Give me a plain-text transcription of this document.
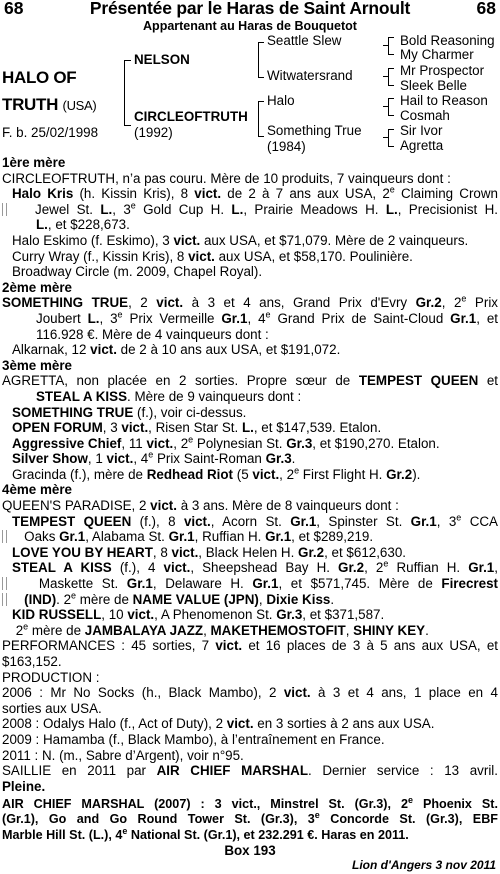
68	Présentée par le Haras de Saint Arnoult	68
Appartenant au Haras de Bouquetot
HALO OF
TRUTH (USA)
F. b. 25/02/1998
NELSON
CIRCLEOFTRUTH
(1992)
Seattle Slew
Witwatersrand
Halo
Something True
(1984)
Bold Reasoning
My Charmer
Mr Prospector
Sleek Belle
Hail to Reason
Cosmah
Sir Ivor
Agretta
1ère mère
CIRCLEOFTRUTH, n’a pas couru. Mère de 10 produits, 7 vainqueurs dont :
Halo Kris (h. Kissin Kris), 8 vict. de 2 à 7 ans aux USA, 2e Claiming Crown
Jewel St. L., 3e Gold Cup H. L., Prairie Meadows H. L., Precisionist H.
L., et $228,673.
Halo Eskimo (f. Eskimo), 3 vict. aux USA, et $71,079. Mère de 2 vainqueurs.
Curry Wray (f., Kissin Kris), 8 vict. aux USA, et $58,170. Poulinière.
Broadway Circle (m. 2009, Chapel Royal).
2ème mère
SOMETHING TRUE, 2 vict. à 3 et 4 ans, Grand Prix d'Evry Gr.2, 2e Prix
Joubert L., 3e Prix Vermeille Gr.1, 4e Grand Prix de Saint-Cloud Gr.1, et
116.928 €. Mère de 4 vainqueurs dont :
Alkarnak, 12 vict. de 2 à 10 ans aux USA, et $191,072.
3ème mère
AGRETTA, non placée en 2 sorties. Propre sœur de TEMPEST QUEEN et
STEAL A KISS. Mère de 9 vainqueurs dont :
SOMETHING TRUE (f.), voir ci-dessus.
OPEN FORUM, 3 vict., Risen Star St. L., et $147,539. Etalon.
Aggressive Chief, 11 vict., 2e Polynesian St. Gr.3, et $190,270. Etalon.
Silver Show, 1 vict., 4e Prix Saint-Roman Gr.3.
Gracinda (f.), mère de Redhead Riot (5 vict., 2e First Flight H. Gr.2).
4ème mère
QUEEN'S PARADISE, 2 vict. à 3 ans. Mère de 8 vainqueurs dont :
TEMPEST QUEEN (f.), 8 vict., Acorn St. Gr.1, Spinster St. Gr.1, 3e CCA
Oaks Gr.1, Alabama St. Gr.1, Ruffian H. Gr.1, et $289,219.
LOVE YOU BY HEART, 8 vict., Black Helen H. Gr.2, et $612,630.
STEAL A KISS (f.), 4 vict., Sheepshead Bay H. Gr.2, 2e Ruffian H. Gr.1,
Maskette St. Gr.1, Delaware H. Gr.1, et $571,745. Mère de Firecrest
(IND). 2e mère de NAME VALUE (JPN), Dixie Kiss.
KID RUSSELL, 10 vict., A Phenomenon St. Gr.3, et $371,587.
2e mère de JAMBALAYA JAZZ, MAKETHEMOSTOFIT, SHINY KEY.
PERFORMANCES : 45 sorties, 7 vict. et 16 places de 3 à 5 ans aux USA, et
$163,152.
PRODUCTION :
2006 : Mr No Socks (h., Black Mambo), 2 vict. à 3 et 4 ans, 1 place en 4
sorties aux USA.
2008 : Odalys Halo (f., Act of Duty), 2 vict. en 3 sorties à 2 ans aux USA.
2009 : Hamamba (f., Black Mambo), à l’entraînement en France.
2011 : N. (m., Sabre d’Argent), voir n°95.
SAILLIE en 2011 par AIR CHIEF MARSHAL. Dernier service : 13 avril.
Pleine.
AIR CHIEF MARSHAL (2007) : 3 vict., Minstrel St. (Gr.3), 2e Phoenix St.
(Gr.1), Go and Go Round Tower St. (Gr.3), 3e Concorde St. (Gr.3), EBF
Marble Hill St. (L.), 4e National St. (Gr.1), et 232.291 €. Haras en 2011.
Box 193
Lion d'Angers 3 nov 2011
